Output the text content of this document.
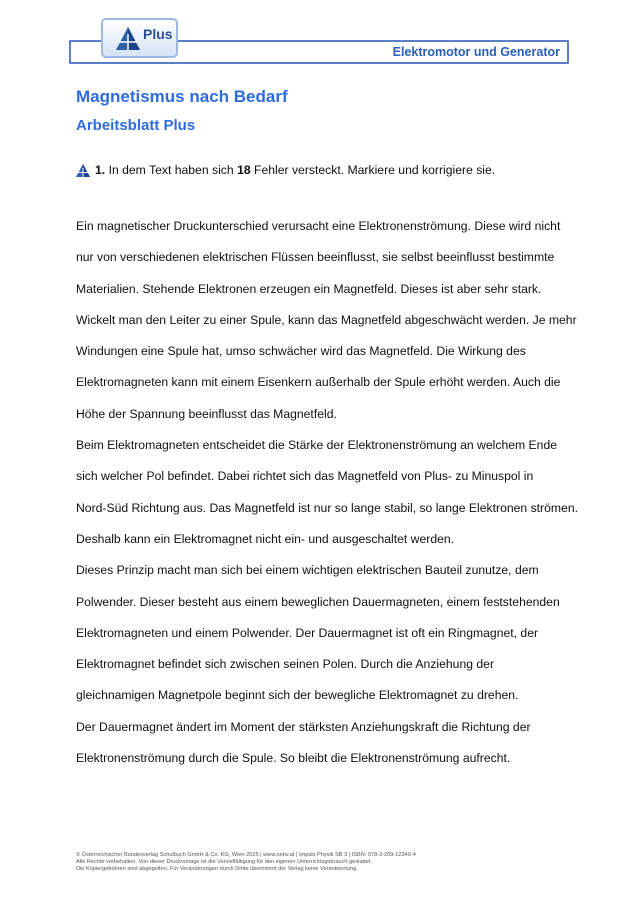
Elektromotor und Generator
Plus
Magnetismus nach Bedarf
Arbeitsblatt Plus
1.
In dem Text haben sich
18
Fehler versteckt. Markiere und korrigiere sie.
Ein magnetischer Druckunterschied verursacht eine Elektronenströmung. Diese wird nicht
nur von verschiedenen elektrischen Flüssen beeinflusst, sie selbst beeinflusst bestimmte
Materialien. Stehende Elektronen erzeugen ein Magnetfeld. Dieses ist aber sehr stark.
Wickelt man den Leiter zu einer Spule, kann das Magnetfeld abgeschwächt werden. Je mehr
Windungen eine Spule hat, umso schwächer wird das Magnetfeld. Die Wirkung des
Elektromagneten kann mit einem Eisenkern außerhalb der Spule erhöht werden. Auch die
Höhe der Spannung beeinflusst das Magnetfeld.
Beim Elektromagneten entscheidet die Stärke der Elektronenströmung an welchem Ende
sich welcher Pol befindet. Dabei richtet sich das Magnetfeld von Plus- zu Minuspol in
Nord-Süd Richtung aus. Das Magnetfeld ist nur so lange stabil, so lange Elektronen strömen.
Deshalb kann ein Elektromagnet nicht ein- und ausgeschaltet werden.
Dieses Prinzip macht man sich bei einem wichtigen elektrischen Bauteil zunutze, dem
Polwender. Dieser besteht aus einem beweglichen Dauermagneten, einem feststehenden
Elektromagneten und einem Polwender. Der Dauermagnet ist oft ein Ringmagnet, der
Elektromagnet befindet sich zwischen seinen Polen. Durch die Anziehung der
gleichnamigen Magnetpole beginnt sich der bewegliche Elektromagnet zu drehen.
Der Dauermagnet ändert im Moment der stärksten Anziehungskraft die Richtung der
Elektronenströmung durch die Spule. So bleibt die Elektronenströmung aufrecht.
© Österreichischer Bundesverlag Schulbuch GmbH & Co. KG, Wien 2025 | www.oebv.at | Impuls Physik SB 3 | ISBN: 978-3-209-12340-4
Alle Rechte vorbehalten. Von dieser Druckvorlage ist die Vervielfältigung für den eigenen Unterrichtsgebrauch gestattet.
Die Kopiergebühren sind abgegolten. Für Veränderungen durch Dritte übernimmt der Verlag keine Verantwortung.
